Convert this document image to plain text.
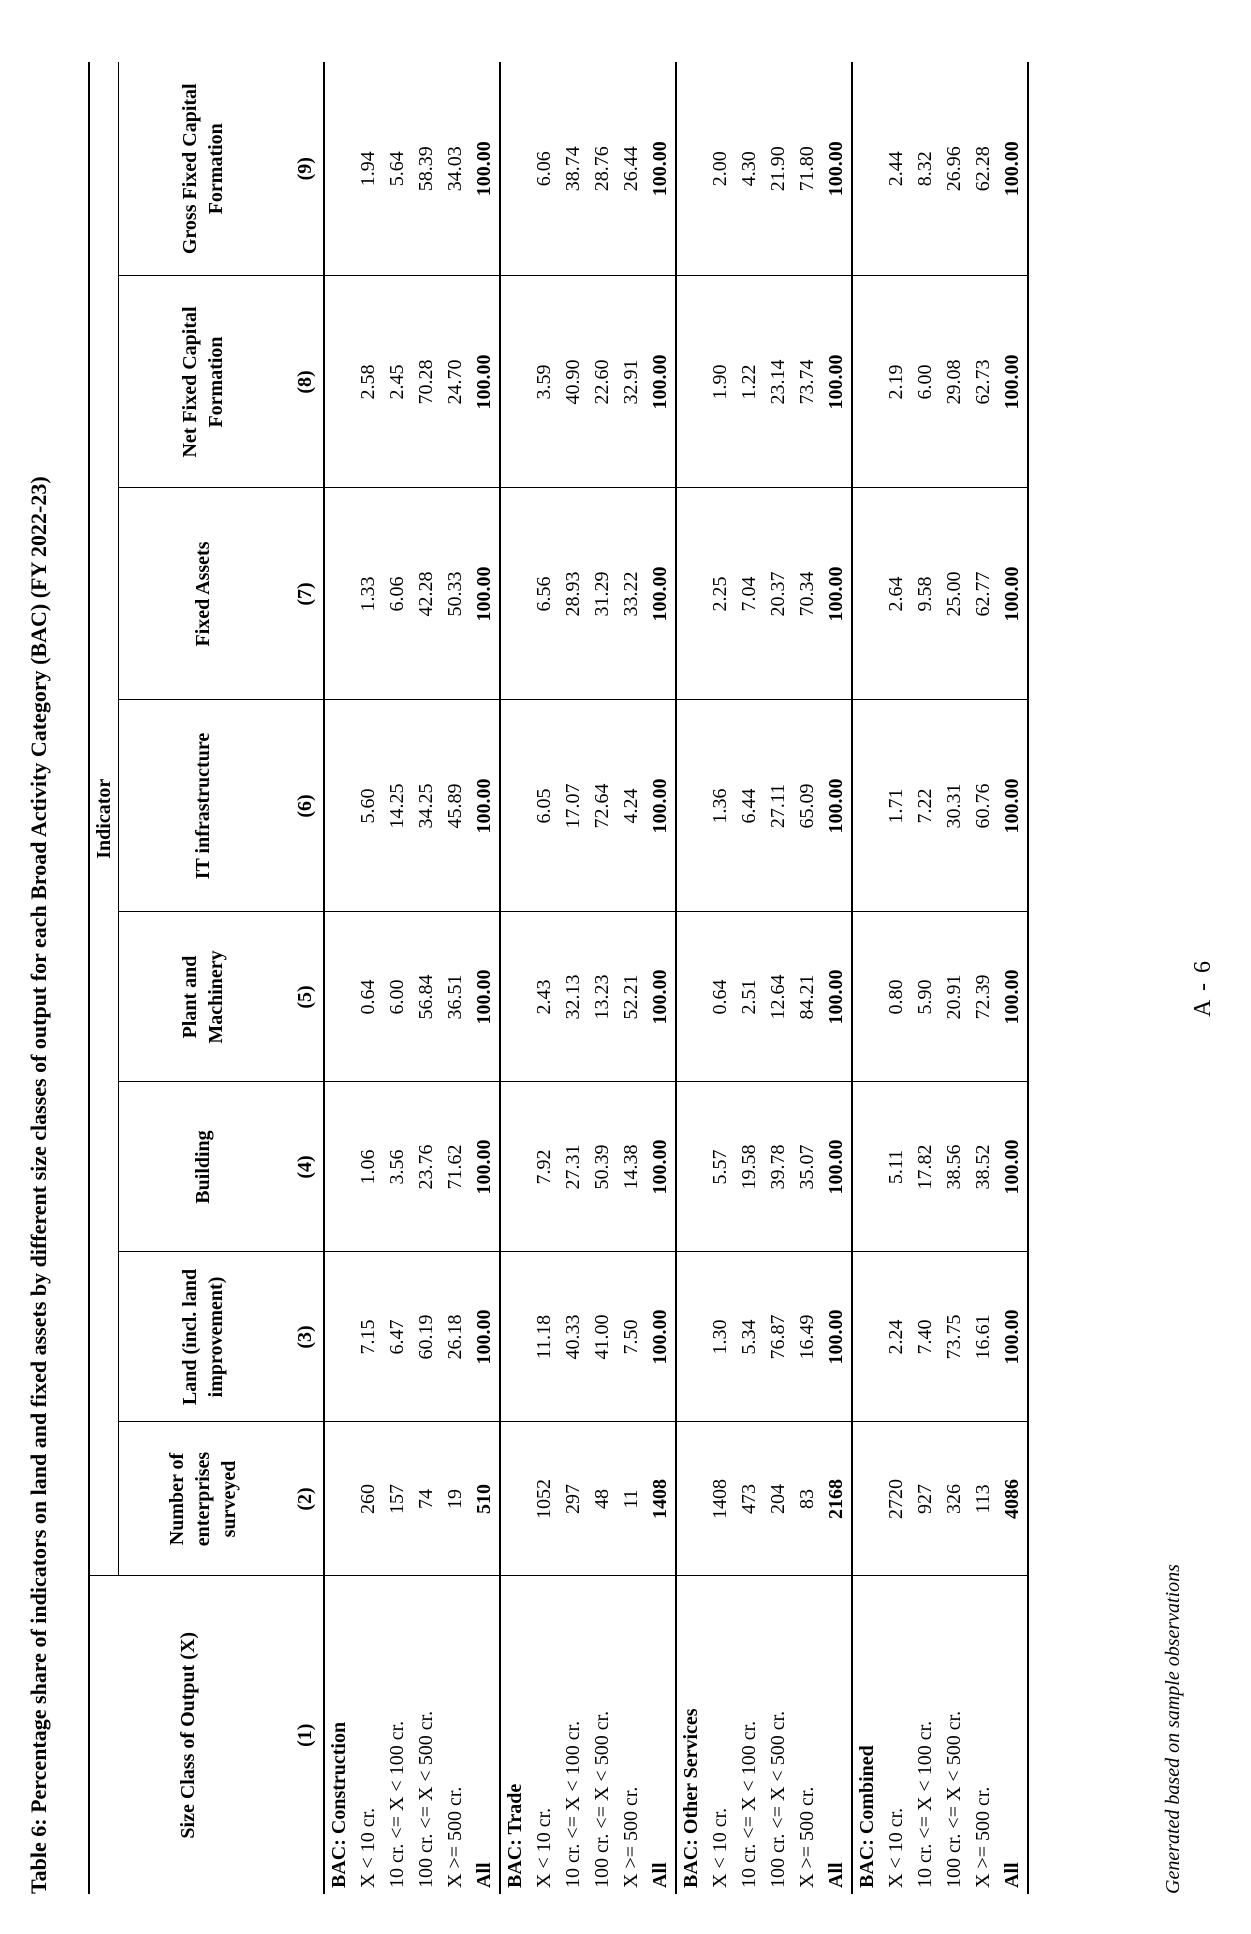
Table 6: Percentage share of indicators on land and fixed assets by different size classes of output for each Broad Activity Category (BAC) (FY 2022-23)	Size Class of Output (X)	Indicator							
	Number of enterprises surveyed	Land (incl. land improvement)	Building	Plant and Machinery	IT infrastructure	Fixed Assets	Net Fixed Capital Formation	Gross Fixed Capital Formation
(1)	(2)	(3)	(4)	(5)	(6)	(7)	(8)	(9)
BAC: Construction								
X < 10 cr.	260	7.15	1.06	0.64	5.60	1.33	2.58	1.94
10 cr. <= X < 100 cr.	157	6.47	3.56	6.00	14.25	6.06	2.45	5.64
100 cr. <= X < 500 cr.	74	60.19	23.76	56.84	34.25	42.28	70.28	58.39
X >= 500 cr.	19	26.18	71.62	36.51	45.89	50.33	24.70	34.03
All	510	100.00	100.00	100.00	100.00	100.00	100.00	100.00
BAC: Trade								
X < 10 cr.	1052	11.18	7.92	2.43	6.05	6.56	3.59	6.06
10 cr. <= X < 100 cr.	297	40.33	27.31	32.13	17.07	28.93	40.90	38.74
100 cr. <= X < 500 cr.	48	41.00	50.39	13.23	72.64	31.29	22.60	28.76
X >= 500 cr.	11	7.50	14.38	52.21	4.24	33.22	32.91	26.44
All	1408	100.00	100.00	100.00	100.00	100.00	100.00	100.00
BAC: Other Services								
X < 10 cr.	1408	1.30	5.57	0.64	1.36	2.25	1.90	2.00
10 cr. <= X < 100 cr.	473	5.34	19.58	2.51	6.44	7.04	1.22	4.30
100 cr. <= X < 500 cr.	204	76.87	39.78	12.64	27.11	20.37	23.14	21.90
X >= 500 cr.	83	16.49	35.07	84.21	65.09	70.34	73.74	71.80
All	2168	100.00	100.00	100.00	100.00	100.00	100.00	100.00
BAC: Combined								
X < 10 cr.	2720	2.24	5.11	0.80	1.71	2.64	2.19	2.44
10 cr. <= X < 100 cr.	927	7.40	17.82	5.90	7.22	9.58	6.00	8.32
100 cr. <= X < 500 cr.	326	73.75	38.56	20.91	30.31	25.00	29.08	26.96
X >= 500 cr.	113	16.61	38.52	72.39	60.76	62.77	62.73	62.28
All	4086	100.00	100.00	100.00	100.00	100.00	100.00	100.00
Generated based on sample observations
A - 6
